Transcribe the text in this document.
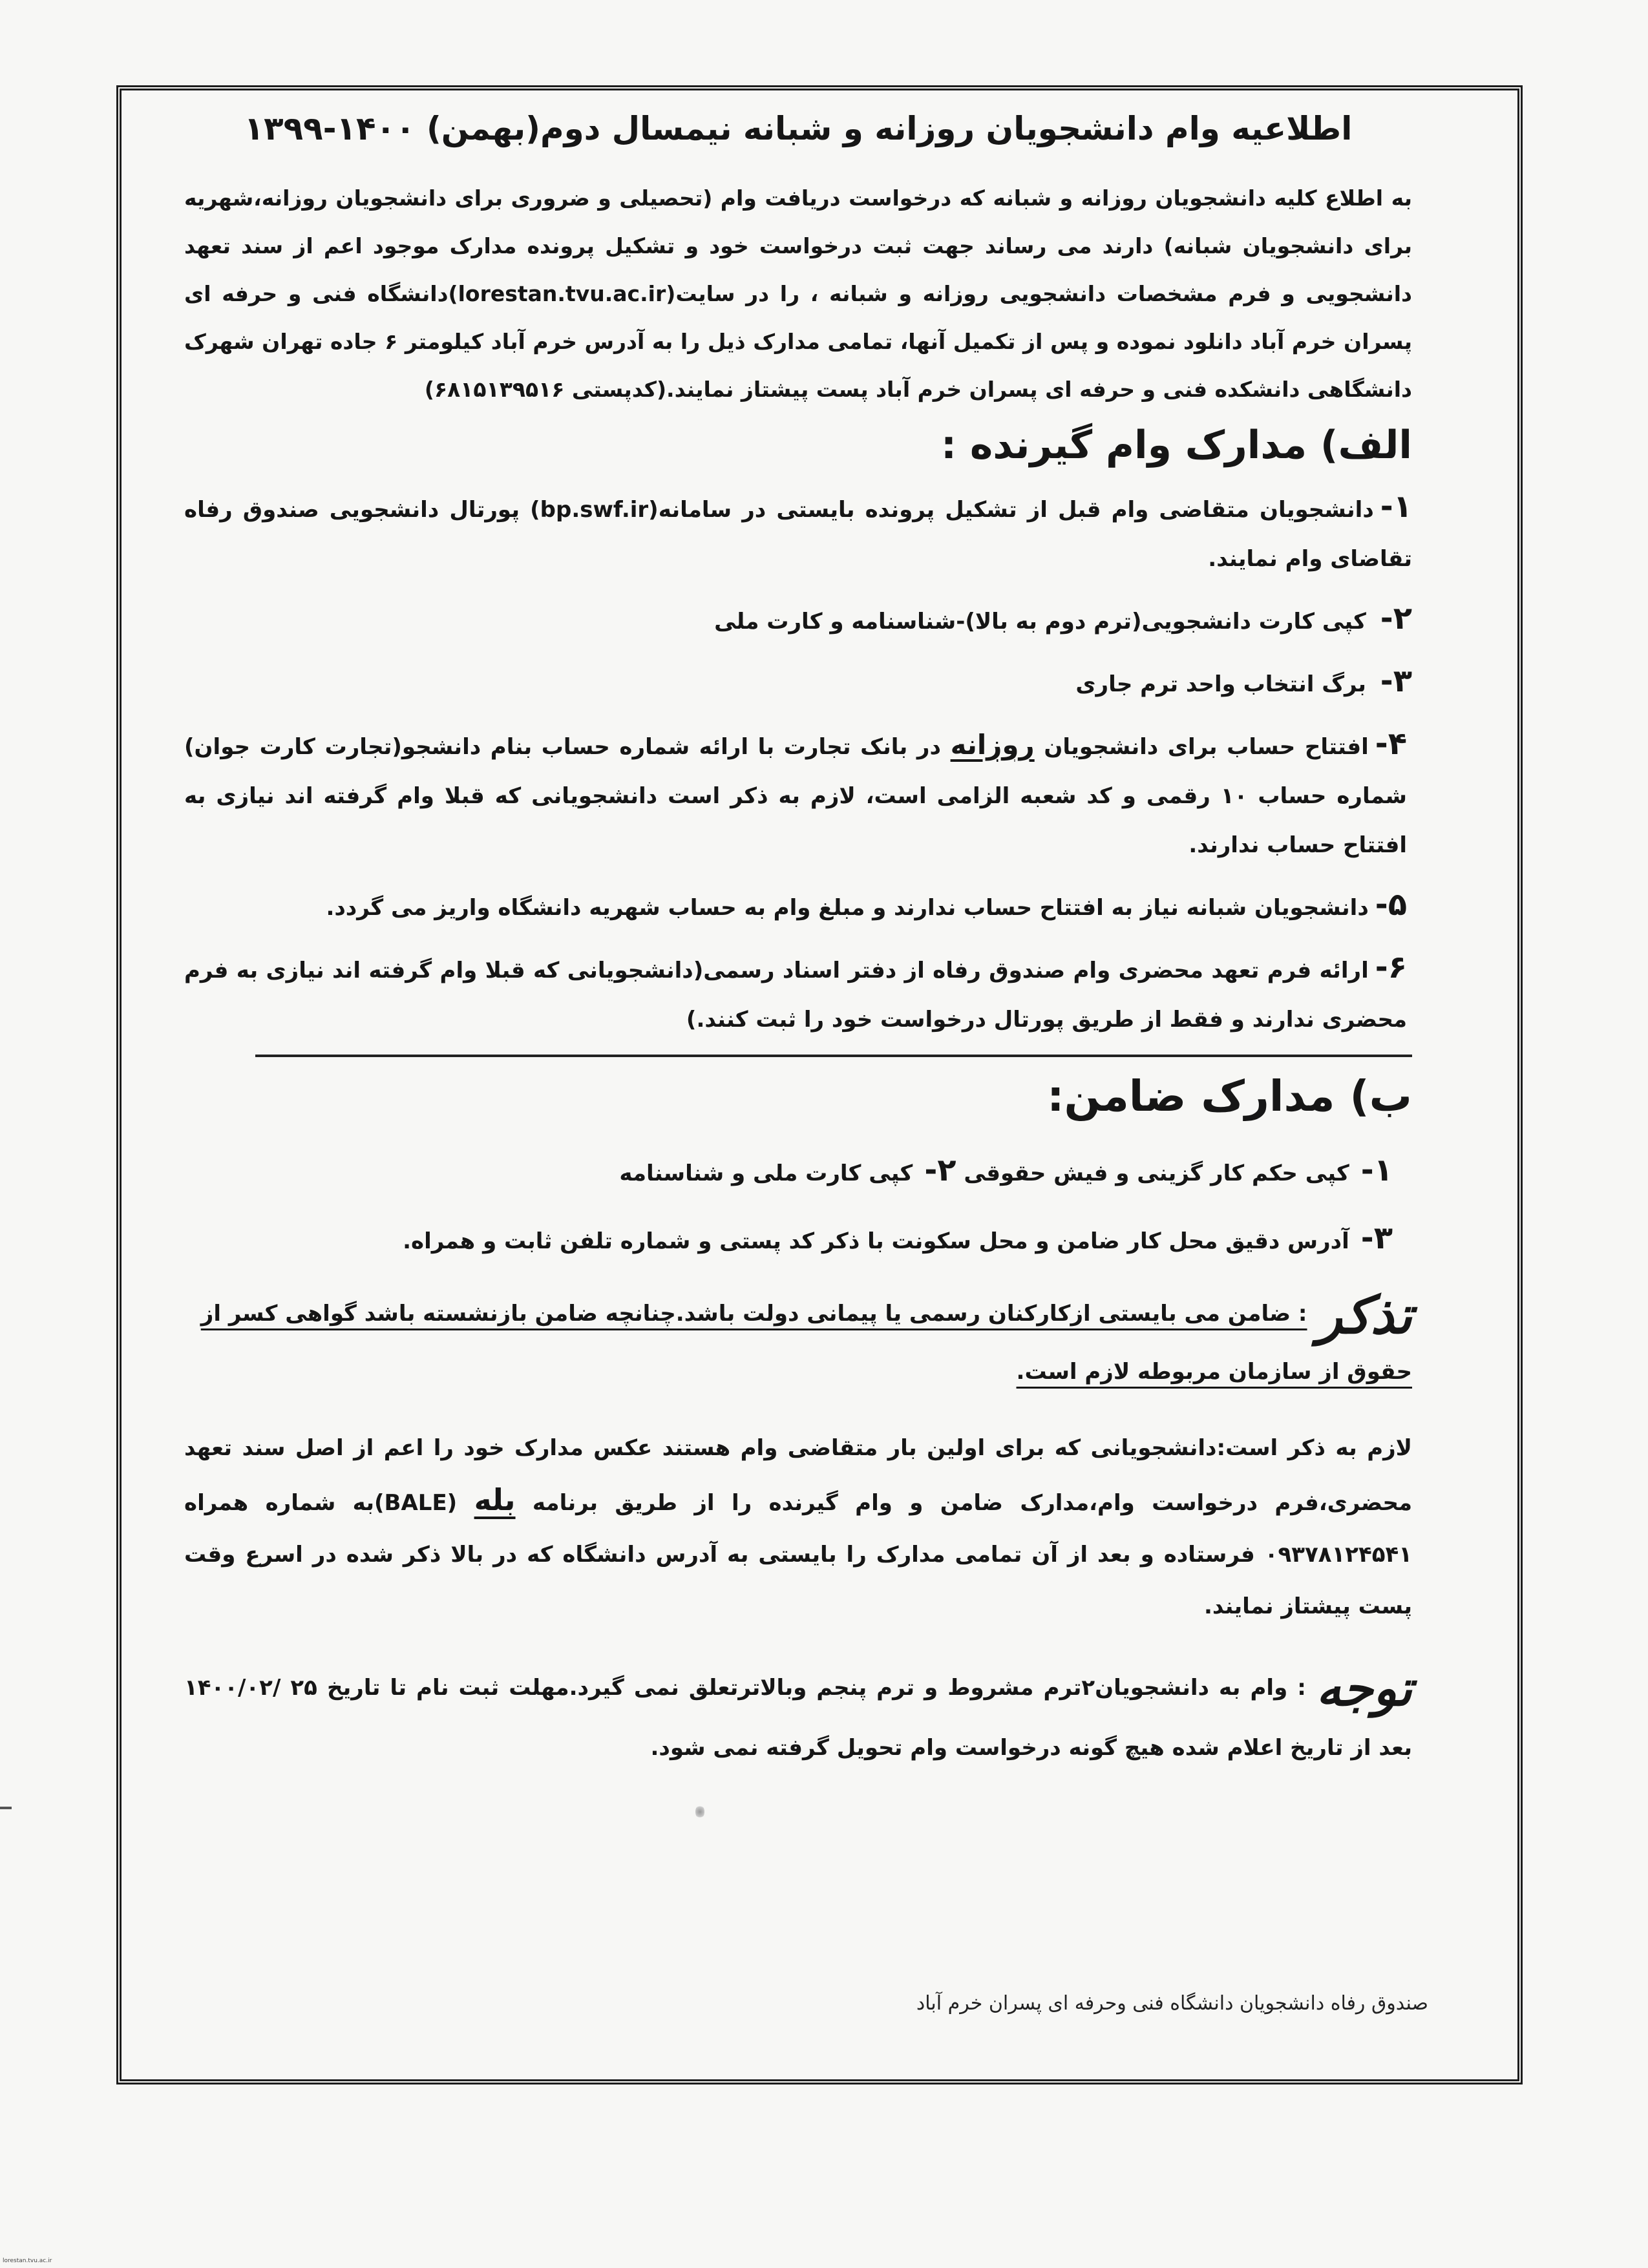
اطلاعیه وام دانشجویان روزانه و شبانه نیمسال دوم(بهمن) ۱۴۰۰-۱۳۹۹

به اطلاع کلیه دانشجویان روزانه و شبانه که درخواست دریافت وام (تحصیلی و ضروری برای دانشجویان روزانه،شهریه برای دانشجویان شبانه) دارند می رساند جهت ثبت درخواست خود و تشکیل پرونده مدارک موجود اعم از سند تعهد دانشجویی و فرم مشخصات دانشجویی روزانه و شبانه ، را در سایت(lorestan.tvu.ac.ir)دانشگاه فنی و حرفه ای پسران خرم آباد دانلود نموده و پس از تکمیل آنها، تمامی مدارک ذیل را به آدرس خرم آباد کیلومتر ۶ جاده تهران شهرک دانشگاهی دانشکده فنی و حرفه ای پسران خرم آباد پست پیشتاز نمایند.(کدپستی ۶۸۱۵۱۳۹۵۱۶)

الف) مدارک وام گیرنده :

۱-دانشجویان متقاضی وام قبل از تشکیل پرونده بایستی در سامانه(bp.swf.ir) پورتال دانشجویی صندوق رفاه تقاضای وام نمایند.

۲- کپی کارت دانشجویی(ترم دوم به بالا)-شناسنامه و کارت ملی

۳- برگ انتخاب واحد ترم جاری

۴-افتتاح حساب برای دانشجویان روزانه در بانک تجارت با ارائه شماره حساب بنام دانشجو(تجارت کارت جوان) شماره حساب ۱۰ رقمی و کد شعبه الزامی است، لازم به ذکر است دانشجویانی که قبلا وام گرفته اند نیازی به افتتاح حساب ندارند.

۵-دانشجویان شبانه نیاز به افتتاح حساب ندارند و مبلغ وام به حساب شهریه دانشگاه واریز می گردد.

۶-ارائه فرم تعهد محضری وام صندوق رفاه از دفتر اسناد رسمی(دانشجویانی که قبلا وام گرفته اند نیازی به فرم محضری ندارند و فقط از طریق پورتال درخواست خود را ثبت کنند.)

ب) مدارک ضامن:

۱-کپی حکم کار گزینی و فیش حقوقی ۲-کپی کارت ملی و شناسنامه

۳-آدرس دقیق محل کار ضامن و محل سکونت با ذکر کد پستی و شماره تلفن ثابت و همراه.

تذکر: ضامن می بایستی ازکارکنان رسمی یا پیمانی دولت باشد.چنانچه ضامن بازنشسته باشد گواهی کسر از حقوق از سازمان مربوطه لازم است.

لازم به ذکر است:دانشجویانی که برای اولین بار متقاضی وام هستند عکس مدارک خود را اعم از اصل سند تعهد محضری،فرم درخواست وام،مدارک ضامن و وام گیرنده را از طریق برنامه بله (BALE)به شماره همراه ۰۹۳۷۸۱۲۴۵۴۱ فرستاده و بعد از آن تمامی مدارک را بایستی به آدرس دانشگاه که در بالا ذکر شده در اسرع وقت پست پیشتاز نمایند.

توجه: وام به دانشجویان۲ترم مشروط و ترم پنجم وبالاترتعلق نمی گیرد.مهلت ثبت نام تا تاریخ ۲۵ /۱۴۰۰/۰۲ بعد از تاریخ اعلام شده هیچ گونه درخواست وام تحویل گرفته نمی شود.

صندوق رفاه دانشجویان دانشگاه فنی وحرفه ای پسران خرم آباد
lorestan.tvu.ac.ir
